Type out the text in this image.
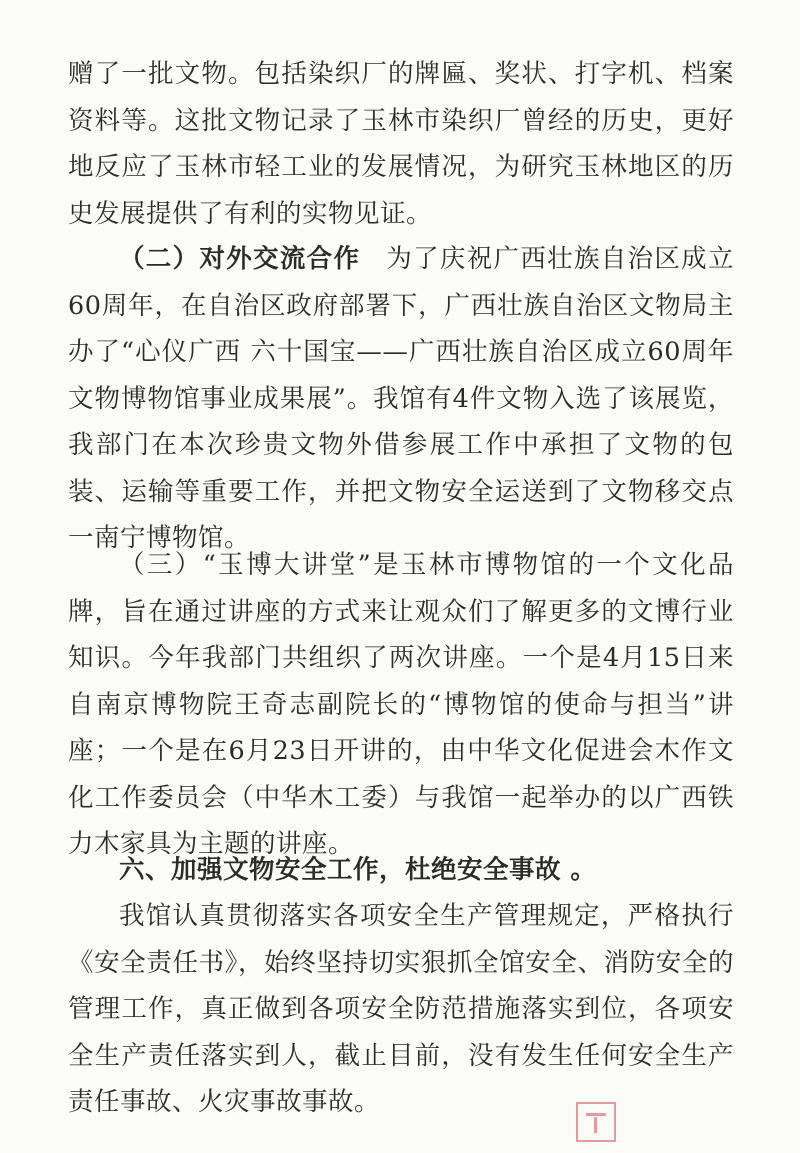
赠了一批文物。包括染织厂的牌匾、奖状、打字机、档案资料等。这批文物记录了玉林市染织厂曾经的历史，更好地反应了玉林市轻工业的发展情况，为研究玉林地区的历史发展提供了有利的实物见证。

（二）对外交流合作 为了庆祝广西壮族自治区成立60周年，在自治区政府部署下，广西壮族自治区文物局主办了“心仪广西 六十国宝——广西壮族自治区成立60周年文物博物馆事业成果展”。我馆有4件文物入选了该展览，我部门在本次珍贵文物外借参展工作中承担了文物的包装、运输等重要工作，并把文物安全运送到了文物移交点一南宁博物馆。

（三）“玉博大讲堂”是玉林市博物馆的一个文化品牌，旨在通过讲座的方式来让观众们了解更多的文博行业知识。今年我部门共组织了两次讲座。一个是4月15日来自南京博物院王奇志副院长的“博物馆的使命与担当”讲座；一个是在6月23日开讲的，由中华文化促进会木作文化工作委员会（中华木工委）与我馆一起举办的以广西铁力木家具为主题的讲座。

六、加强文物安全工作，杜绝安全事故 。

我馆认真贯彻落实各项安全生产管理规定，严格执行《安全责任书》，始终坚持切实狠抓全馆安全、消防安全的管理工作，真正做到各项安全防范措施落实到位，各项安全生产责任落实到人，截止目前，没有发生任何安全生产责任事故、火灾事故事故。
